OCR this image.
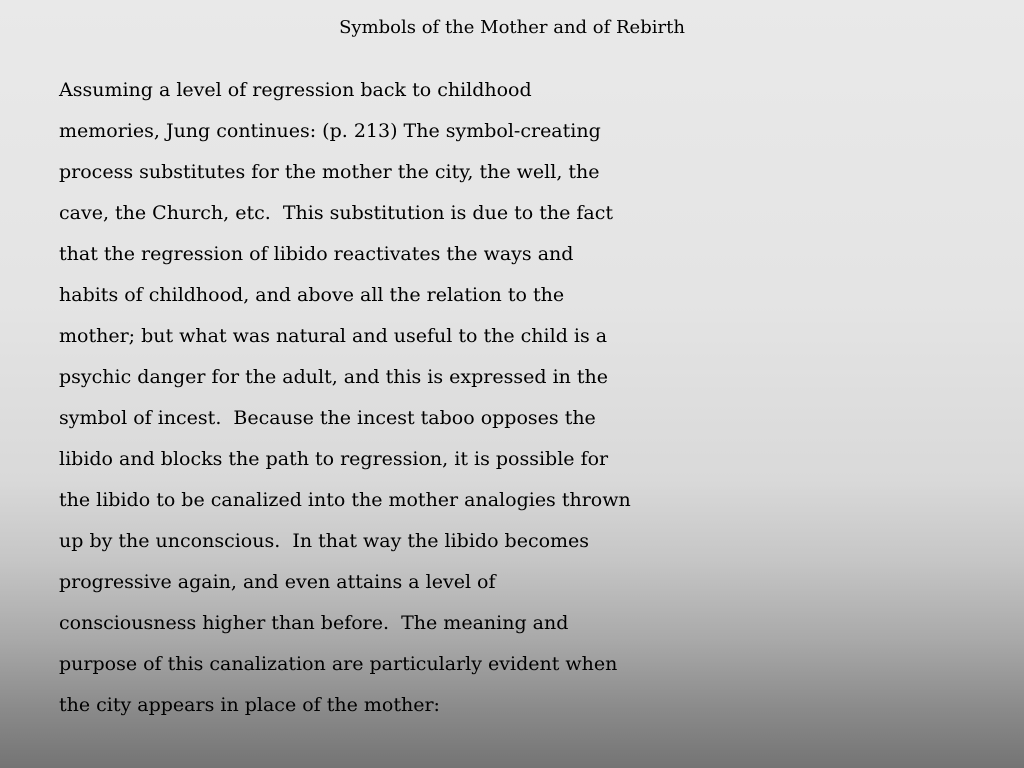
Symbols of the Mother and of Rebirth
Assuming a level of regression back to childhood
memories, Jung continues: (p. 213) The symbol-creating
process substitutes for the mother the city, the well, the
cave, the Church, etc.  This substitution is due to the fact
that the regression of libido reactivates the ways and
habits of childhood, and above all the relation to the
mother; but what was natural and useful to the child is a
psychic danger for the adult, and this is expressed in the
symbol of incest.  Because the incest taboo opposes the
libido and blocks the path to regression, it is possible for
the libido to be canalized into the mother analogies thrown
up by the unconscious.  In that way the libido becomes
progressive again, and even attains a level of
consciousness higher than before.  The meaning and
purpose of this canalization are particularly evident when
the city appears in place of the mother:
